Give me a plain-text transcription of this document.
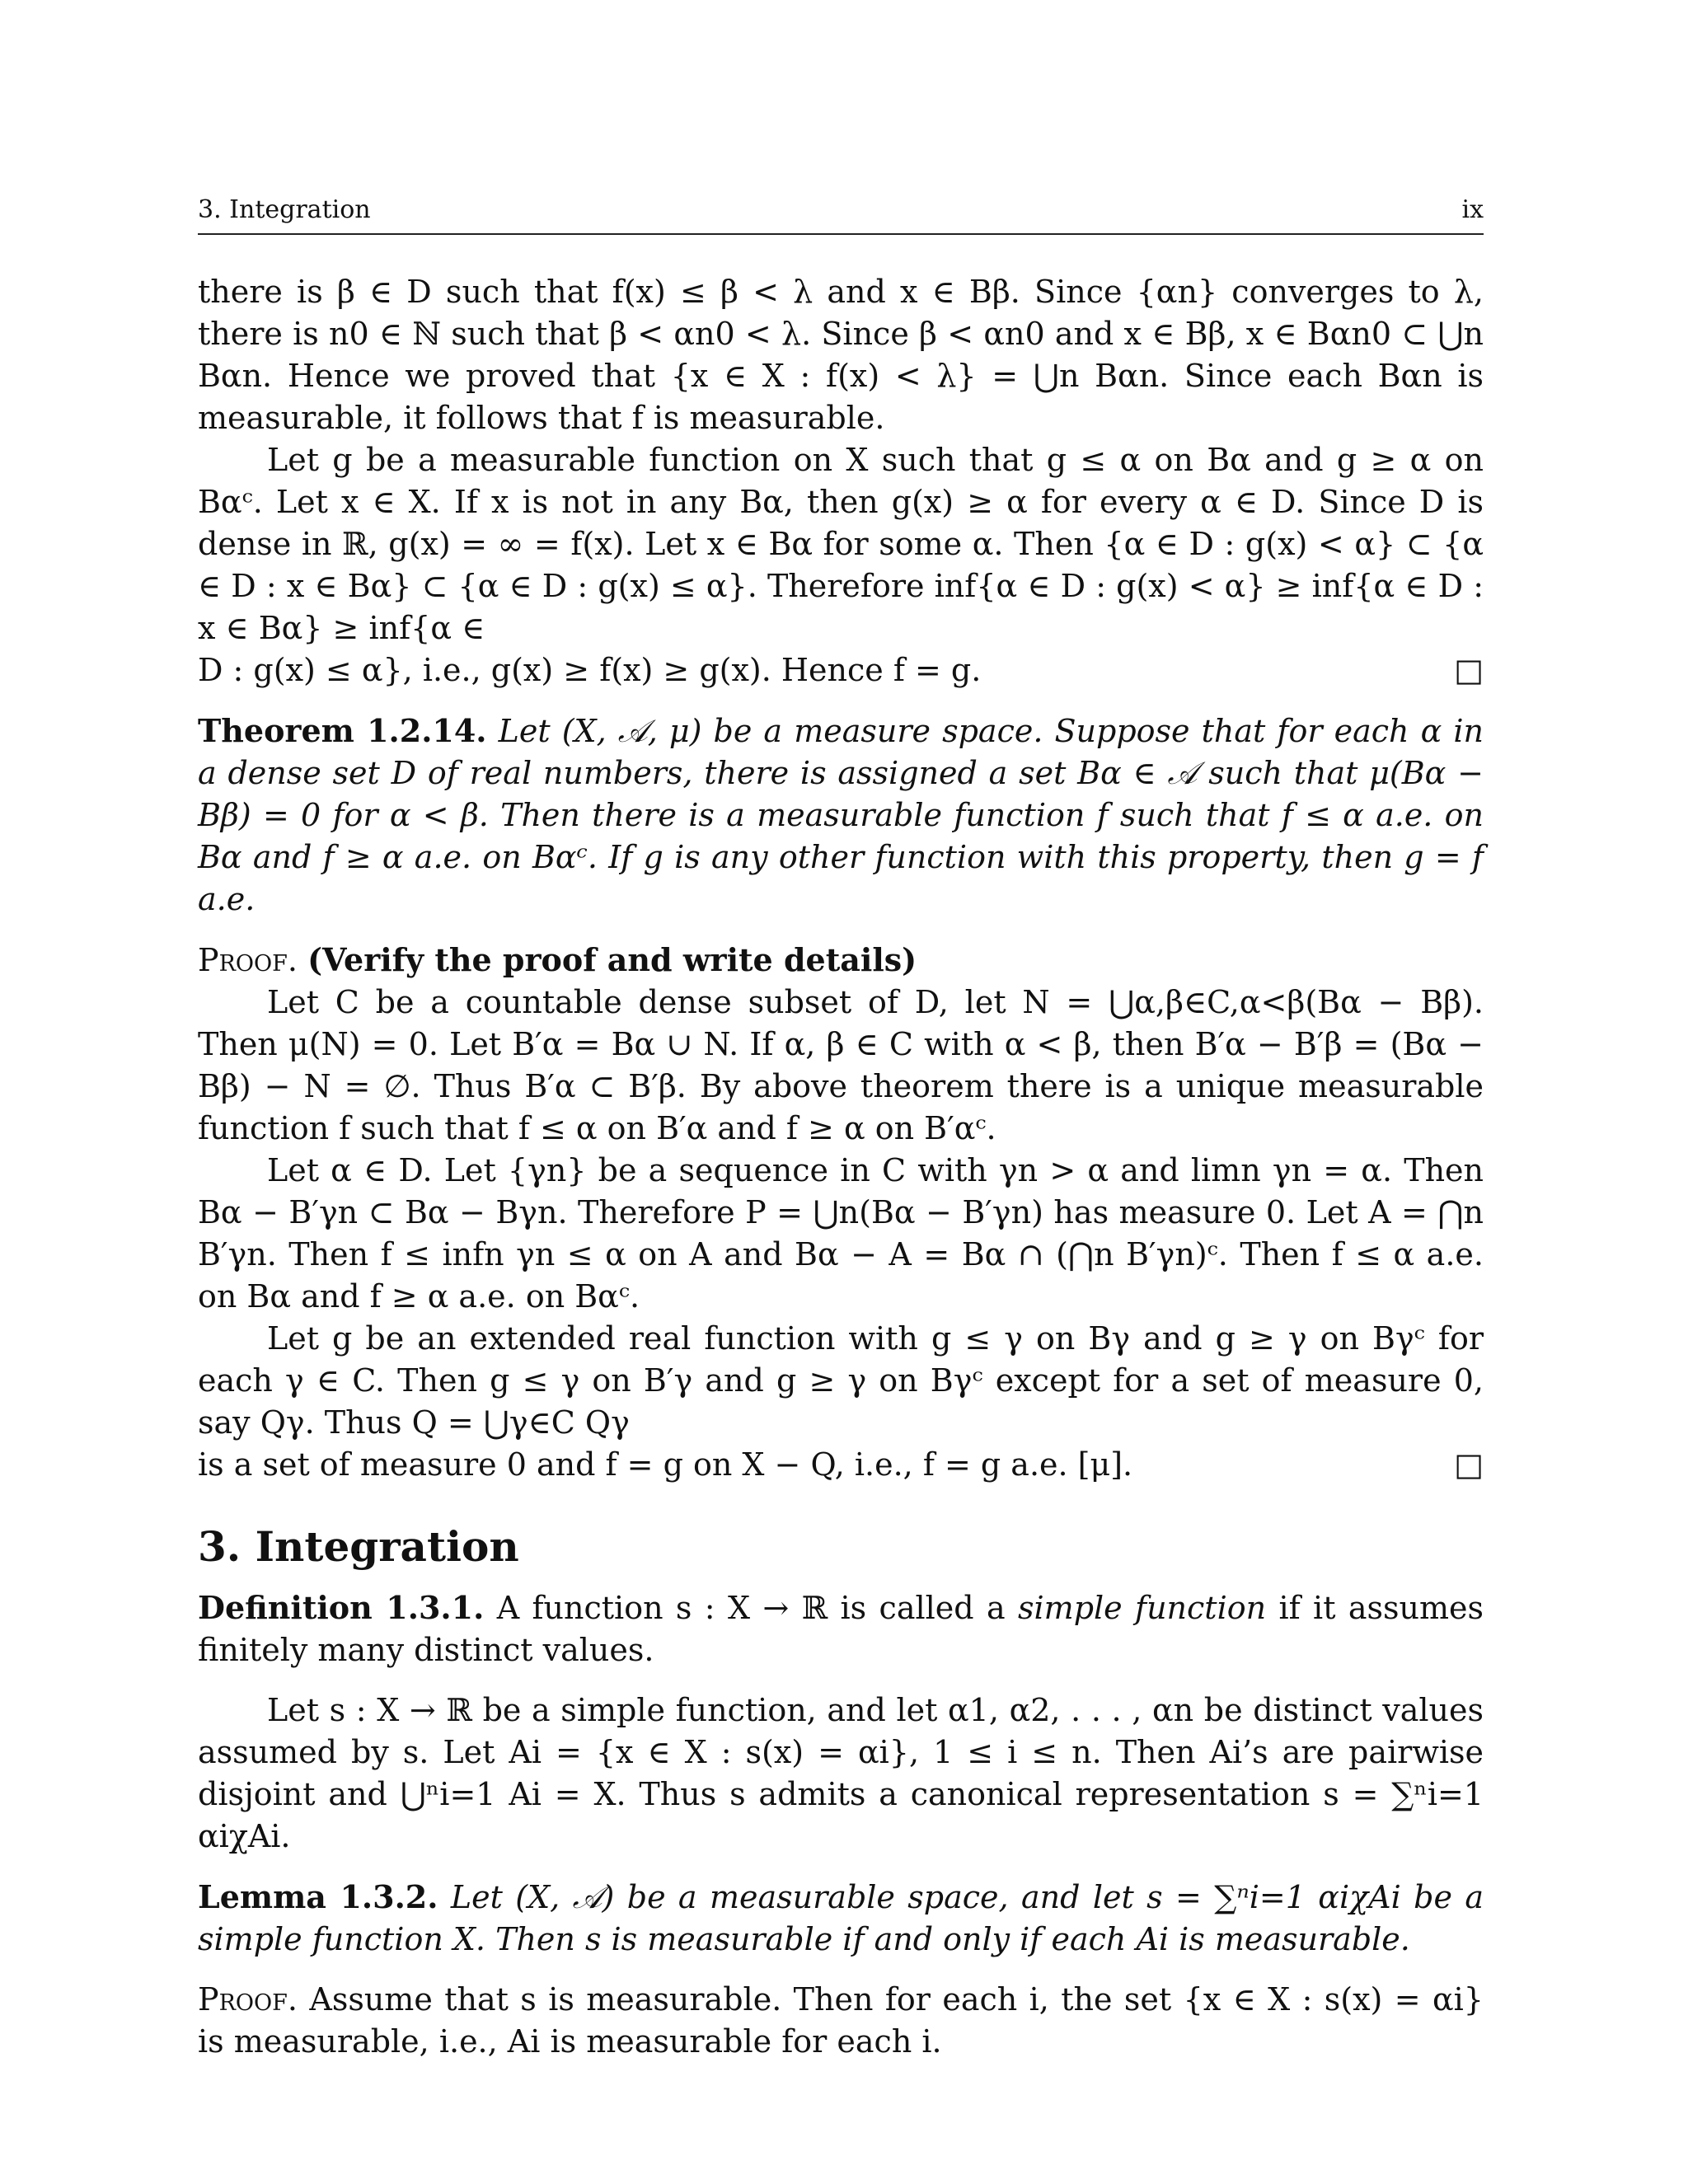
3. Integration	ix

there is β ∈ D such that f(x) ≤ β < λ and x ∈ Bβ. Since {αn} converges to λ, there is n0 ∈ ℕ such that β < αn0 < λ. Since β < αn0 and x ∈ Bβ, x ∈ Bαn0 ⊂ ⋃n Bαn. Hence we proved that {x ∈ X : f(x) < λ} = ⋃n Bαn. Since each Bαn is measurable, it follows that f is measurable.

Let g be a measurable function on X such that g ≤ α on Bα and g ≥ α on Bαᶜ. Let x ∈ X. If x is not in any Bα, then g(x) ≥ α for every α ∈ D. Since D is dense in ℝ, g(x) = ∞ = f(x). Let x ∈ Bα for some α. Then {α ∈ D : g(x) < α} ⊂ {α ∈ D : x ∈ Bα} ⊂ {α ∈ D : g(x) ≤ α}. Therefore inf{α ∈ D : g(x) < α} ≥ inf{α ∈ D : x ∈ Bα} ≥ inf{α ∈

D : g(x) ≤ α}, i.e., g(x) ≥ f(x) ≥ g(x). Hence f = g.	□

Theorem 1.2.14. Let (X, 𝒜, μ) be a measure space. Suppose that for each α in a dense set D of real numbers, there is assigned a set Bα ∈ 𝒜 such that μ(Bα − Bβ) = 0 for α < β. Then there is a measurable function f such that f ≤ α a.e. on Bα and f ≥ α a.e. on Bαᶜ. If g is any other function with this property, then g = f a.e.

Proof. (Verify the proof and write details)

Let C be a countable dense subset of D, let N = ⋃α,β∈C,α<β(Bα − Bβ). Then μ(N) = 0. Let B′α = Bα ∪ N. If α, β ∈ C with α < β, then B′α − B′β = (Bα − Bβ) − N = ∅. Thus B′α ⊂ B′β. By above theorem there is a unique measurable function f such that f ≤ α on B′α and f ≥ α on B′αᶜ.

Let α ∈ D. Let {γn} be a sequence in C with γn > α and limn γn = α. Then Bα − B′γn ⊂ Bα − Bγn. Therefore P = ⋃n(Bα − B′γn) has measure 0. Let A = ⋂n B′γn. Then f ≤ infn γn ≤ α on A and Bα − A = Bα ∩ (⋂n B′γn)ᶜ. Then f ≤ α a.e. on Bα and f ≥ α a.e. on Bαᶜ.

Let g be an extended real function with g ≤ γ on Bγ and g ≥ γ on Bγᶜ for each γ ∈ C. Then g ≤ γ on B′γ and g ≥ γ on Bγᶜ except for a set of measure 0, say Qγ. Thus Q = ⋃γ∈C Qγ

is a set of measure 0 and f = g on X − Q, i.e., f = g a.e. [μ].	□
3. Integration

Definition 1.3.1. A function s : X → ℝ is called a simple function if it assumes finitely many distinct values.

Let s : X → ℝ be a simple function, and let α1, α2, . . . , αn be distinct values assumed by s. Let Ai = {x ∈ X : s(x) = αi}, 1 ≤ i ≤ n. Then Ai’s are pairwise disjoint and ⋃ⁿi=1 Ai = X. Thus s admits a canonical representation s = ∑ⁿi=1 αiχAi.

Lemma 1.3.2. Let (X, 𝒜) be a measurable space, and let s = ∑ⁿi=1 αiχAi be a simple function X. Then s is measurable if and only if each Ai is measurable.

Proof. Assume that s is measurable. Then for each i, the set {x ∈ X : s(x) = αi} is measurable, i.e., Ai is measurable for each i.
